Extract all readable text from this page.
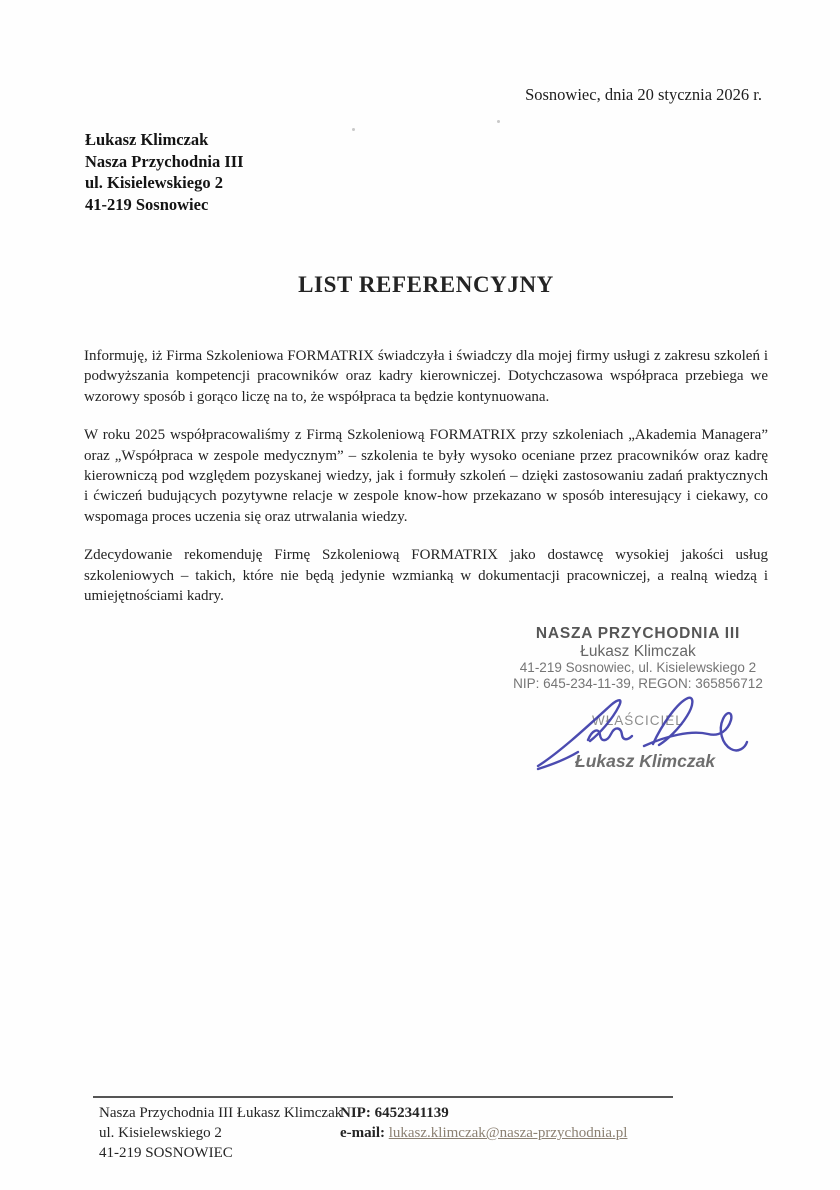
Sosnowiec, dnia 20 stycznia 2026 r.
Łukasz Klimczak
Nasza Przychodnia III
ul. Kisielewskiego 2
41-219 Sosnowiec
LIST REFERENCYJNY

Informuję, iż Firma Szkoleniowa FORMATRIX świadczyła i świadczy dla mojej firmy usługi z zakresu szkoleń i podwyższania kompetencji pracowników oraz kadry kierowniczej. Dotychczasowa współpraca przebiega we wzorowy sposób i gorąco liczę na to, że współpraca ta będzie kontynuowana.

W roku 2025 współpracowaliśmy z Firmą Szkoleniową FORMATRIX przy szkoleniach „Akademia Managera” oraz „Współpraca w zespole medycznym” – szkolenia te były wysoko oceniane przez pracowników oraz kadrę kierowniczą pod względem pozyskanej wiedzy, jak i formuły szkoleń – dzięki zastosowaniu zadań praktycznych i ćwiczeń budujących pozytywne relacje w zespole know-how przekazano w sposób interesujący i ciekawy, co wspomaga proces uczenia się oraz utrwalania wiedzy.

Zdecydowanie rekomenduję Firmę Szkoleniową FORMATRIX jako dostawcę wysokiej jakości usług szkoleniowych – takich, które nie będą jedynie wzmianką w dokumentacji pracowniczej, a realną wiedzą i umiejętnościami kadry.

NASZA PRZYCHODNIA III
Łukasz Klimczak
41-219 Sosnowiec, ul. Kisielewskiego 2
NIP: 645-234-11-39, REGON: 365856712
WŁAŚCICIEL
Łukasz Klimczak
Nasza Przychodnia III Łukasz Klimczak
ul. Kisielewskiego 2
41-219 SOSNOWIEC
NIP: 6452341139
e-mail: lukasz.klimczak@nasza-przychodnia.pl
